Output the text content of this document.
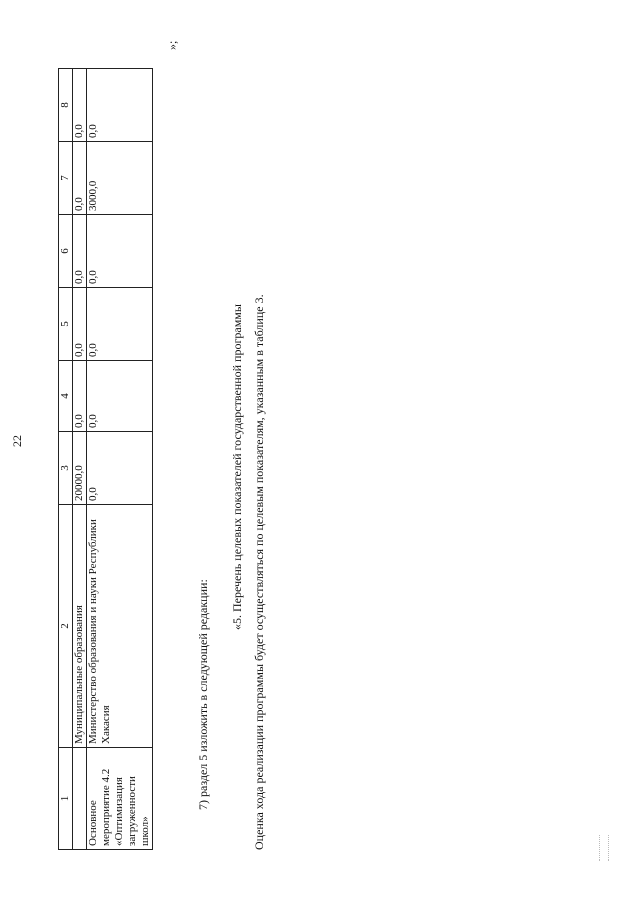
22
1	2	3	4	5	6	7	8
	Муниципальные образования	20000,0	0,0	0,0	0,0	0,0	0,0
Основное мероприятие 4.2 «Оптимизация загруженности школ»	Министерство образования и науки Республики Хакасия	0,0	0,0	0,0	0,0	3000,0	0,0
»;
7) раздел 5 изложить в следующей редакции:
«5. Перечень целевых показателей государственной программы Оценка хода реализации программы будет осуществляться по целевым показателям, указанным в таблице 3.
